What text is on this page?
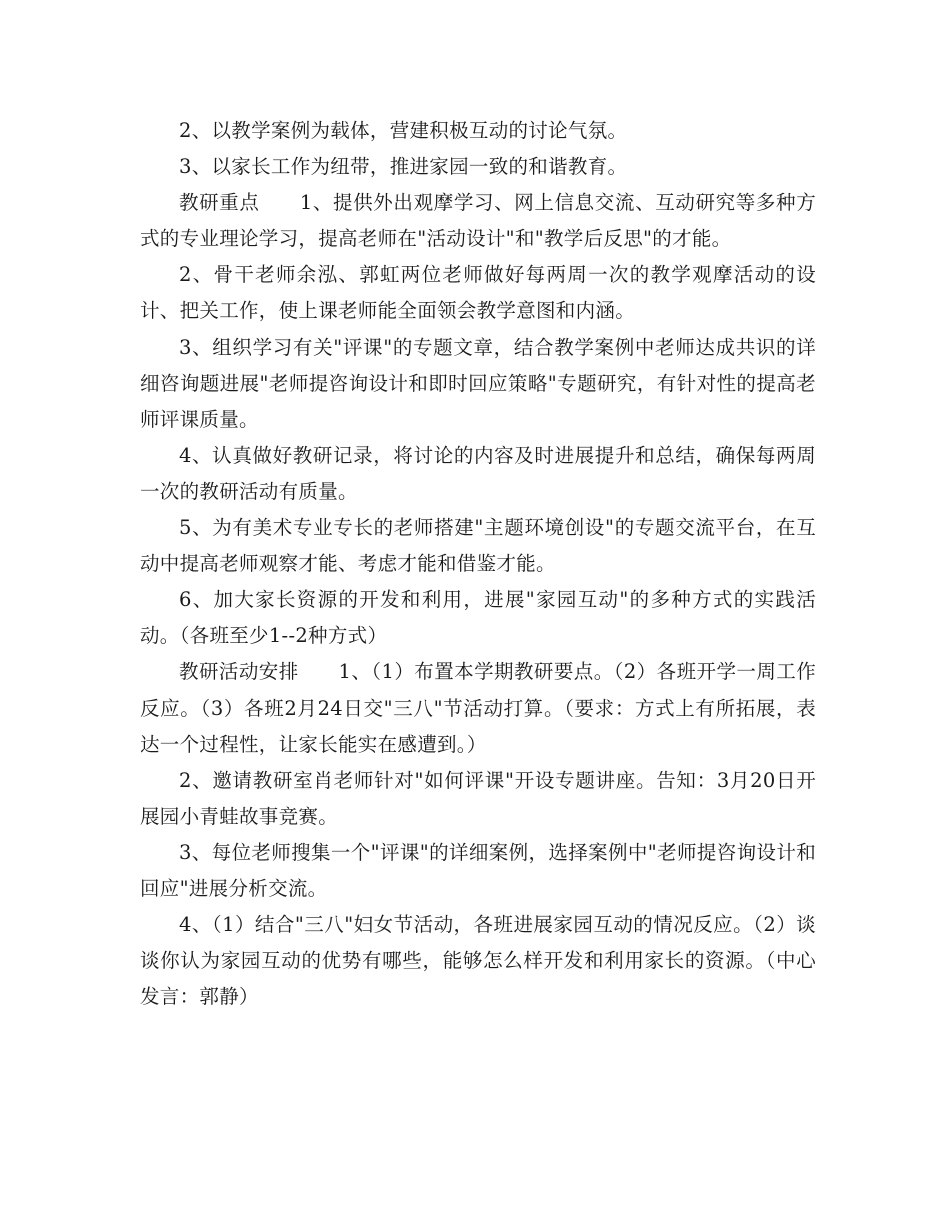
2、以教学案例为载体，营建积极互动的讨论气氛。

3、以家长工作为纽带，推进家园一致的和谐教育。

教研重点　　1、提供外出观摩学习、网上信息交流、互动研究等多种方式的专业理论学习，提高老师在"活动设计"和"教学后反思"的才能。

2、骨干老师余泓、郭虹两位老师做好每两周一次的教学观摩活动的设计、把关工作，使上课老师能全面领会教学意图和内涵。

3、组织学习有关"评课"的专题文章，结合教学案例中老师达成共识的详细咨询题进展"老师提咨询设计和即时回应策略"专题研究，有针对性的提高老师评课质量。

4、认真做好教研记录，将讨论的内容及时进展提升和总结，确保每两周一次的教研活动有质量。

5、为有美术专业专长的老师搭建"主题环境创设"的专题交流平台，在互动中提高老师观察才能、考虑才能和借鉴才能。

6、加大家长资源的开发和利用，进展"家园互动"的多种方式的实践活动。（各班至少1--2种方式）

教研活动安排　　1、（1）布置本学期教研要点。（2）各班开学一周工作反应。（3）各班2月24日交"三八"节活动打算。（要求：方式上有所拓展，表达一个过程性，让家长能实在感遭到。）

2、邀请教研室肖老师针对"如何评课"开设专题讲座。告知：3月20日开展园小青蛙故事竞赛。

3、每位老师搜集一个"评课"的详细案例，选择案例中"老师提咨询设计和回应"进展分析交流。

4、（1）结合"三八"妇女节活动，各班进展家园互动的情况反应。（2）谈谈你认为家园互动的优势有哪些，能够怎么样开发和利用家长的资源。（中心发言：郭静）
